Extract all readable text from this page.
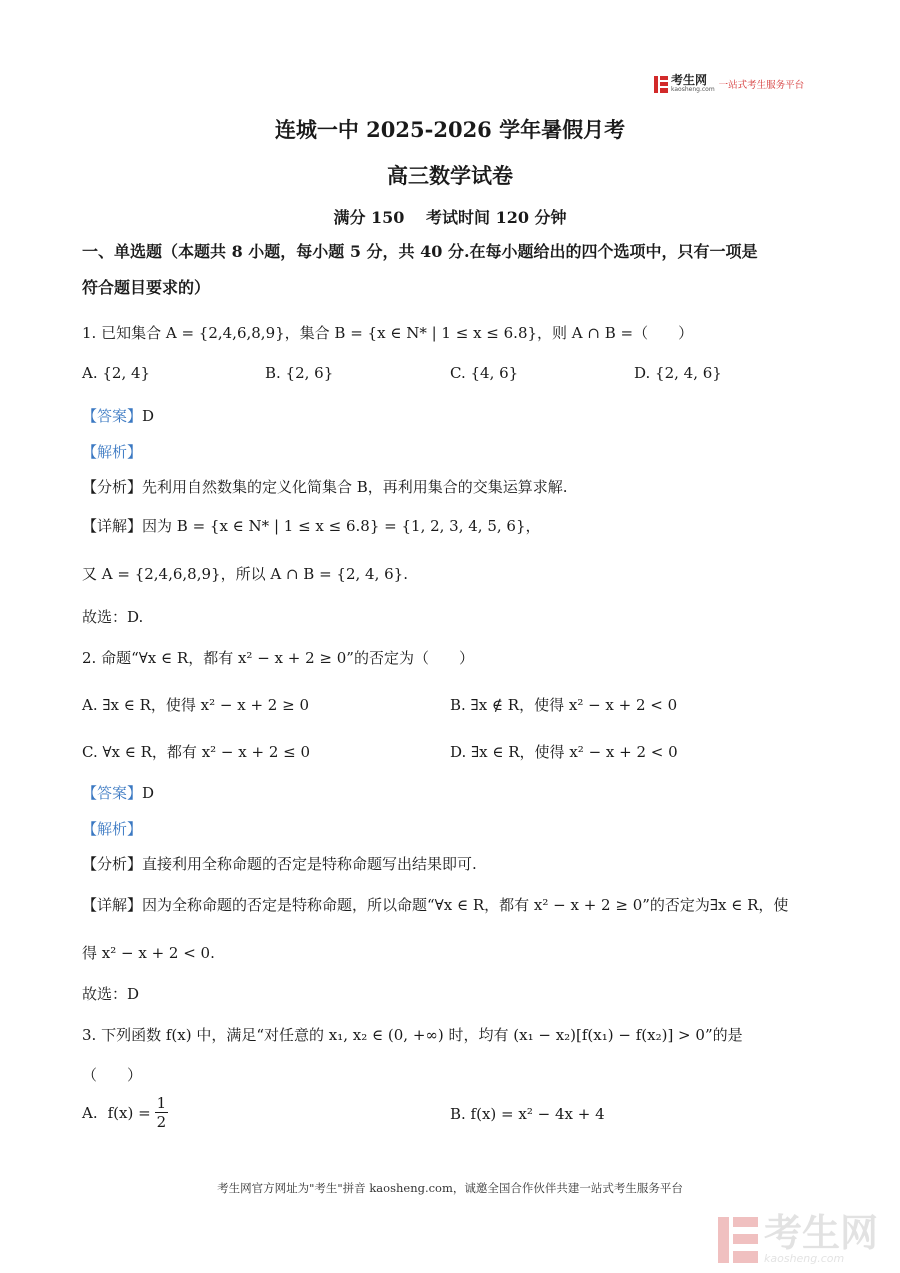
考生网
kaosheng.com 一站式考生服务平台
连城一中 2025-2026 学年暑假月考
高三数学试卷
满分 150　 考试时间 120 分钟
一、单选题（本题共 8 小题，每小题 5 分，共 40 分.在每小题给出的四个选项中，只有一项是
符合题目要求的）
1. 已知集合 A = {2,4,6,8,9}，集合 B = {x ∈ N* | 1 ≤ x ≤ 6.8}，则 A ∩ B =（　　）
A. {2, 4}	B. {2, 6}	C. {4, 6}	D. {2, 4, 6}
【答案】D
【解析】
【分析】先利用自然数集的定义化简集合 B，再利用集合的交集运算求解.
【详解】因为 B = {x ∈ N* | 1 ≤ x ≤ 6.8} = {1, 2, 3, 4, 5, 6}，
又 A = {2,4,6,8,9}，所以 A ∩ B = {2, 4, 6}.
故选：D.
2. 命题“∀x ∈ R，都有 x² − x + 2 ≥ 0”的否定为（　　）
A. ∃x ∈ R，使得 x² − x + 2 ≥ 0	B. ∃x ∉ R，使得 x² − x + 2 < 0
C. ∀x ∈ R，都有 x² − x + 2 ≤ 0	D. ∃x ∈ R，使得 x² − x + 2 < 0
【答案】D
【解析】
【分析】直接利用全称命题的否定是特称命题写出结果即可.
【详解】因为全称命题的否定是特称命题，所以命题“∀x ∈ R，都有 x² − x + 2 ≥ 0”的否定为∃x ∈ R，使
得 x² − x + 2 < 0.
故选：D
3. 下列函数 f(x) 中，满足“对任意的 x₁, x₂ ∈ (0, +∞) 时，均有 (x₁ − x₂)[f(x₁) − f(x₂)] > 0”的是
（　　）
A. $f(x) = \frac{1}{2}$	B. f(x) = x² − 4x + 4
考生网官方网址为"考生"拼音 kaosheng.com，诚邀全国合作伙伴共建一站式考生服务平台
考生网
kaosheng.com
